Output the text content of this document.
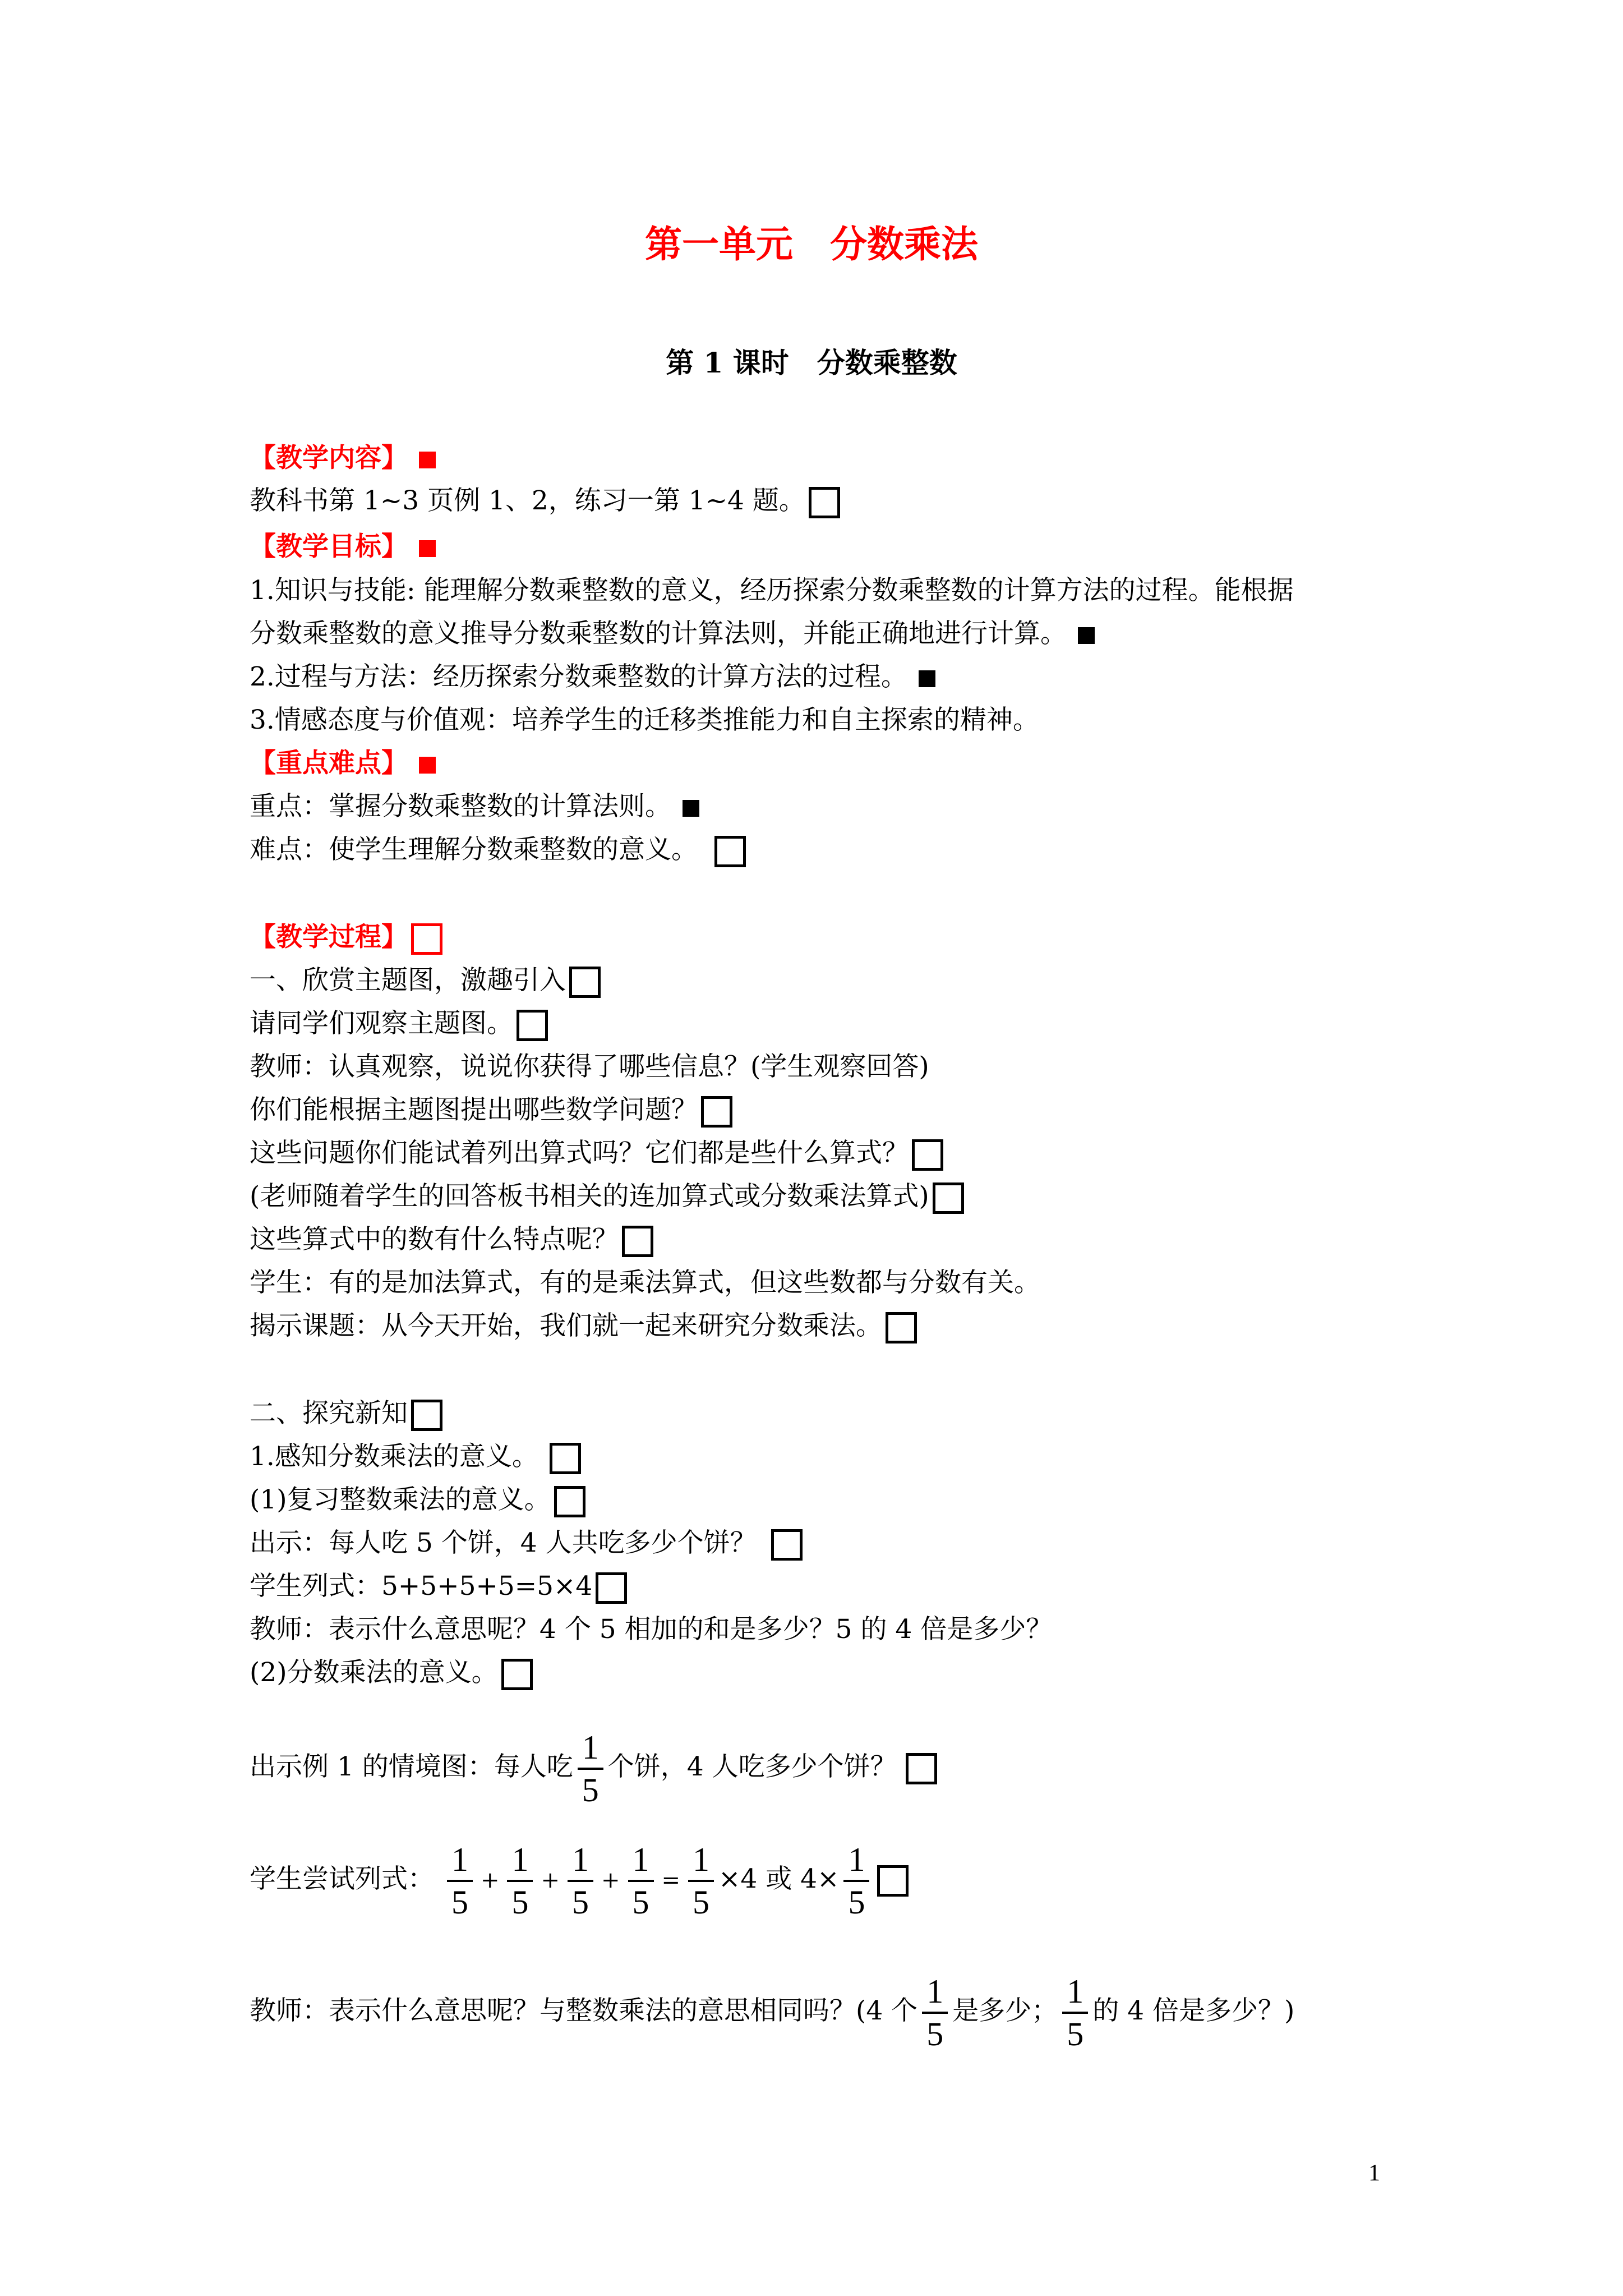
第一单元　分数乘法
第 1 课时　分数乘整数
【教学内容】
教科书第 1~3 页例 1、2，练习一第 1~4 题。
【教学目标】
1.知识与技能: 能理解分数乘整数的意义，经历探索分数乘整数的计算方法的过程。能根据
分数乘整数的意义推导分数乘整数的计算法则，并能正确地进行计算。
2.过程与方法：经历探索分数乘整数的计算方法的过程。
3.情感态度与价值观：培养学生的迁移类推能力和自主探索的精神。
【重点难点】
重点：掌握分数乘整数的计算法则。
难点：使学生理解分数乘整数的意义。
【教学过程】
一、欣赏主题图，激趣引入
请同学们观察主题图。
教师：认真观察，说说你获得了哪些信息？(学生观察回答)
你们能根据主题图提出哪些数学问题？
这些问题你们能试着列出算式吗？它们都是些什么算式？
(老师随着学生的回答板书相关的连加算式或分数乘法算式)
这些算式中的数有什么特点呢？
学生：有的是加法算式，有的是乘法算式，但这些数都与分数有关。
揭示课题：从今天开始，我们就一起来研究分数乘法。
二、探究新知
1.感知分数乘法的意义。
(1)复习整数乘法的意义。
出示：每人吃 5 个饼，4 人共吃多少个饼？
学生列式：5+5+5+5=5×4
教师：表示什么意思呢？4 个 5 相加的和是多少？5 的 4 倍是多少？
(2)分数乘法的意义。
出示例 1 的情境图：每人吃 $\frac{1}{5}$ 个饼，4 人吃多少个饼？
学生尝试列式： $\frac{1}{5} + \frac{1}{5} + \frac{1}{5} + \frac{1}{5} = \frac{1}{5} \times 4$ 或 $4\times \frac{1}{5}$
教师：表示什么意思呢？与整数乘法的意思相同吗？(4 个 $\frac{1}{5}$ 是多少； $\frac{1}{5}$ 的 4 倍是多少？)
1
